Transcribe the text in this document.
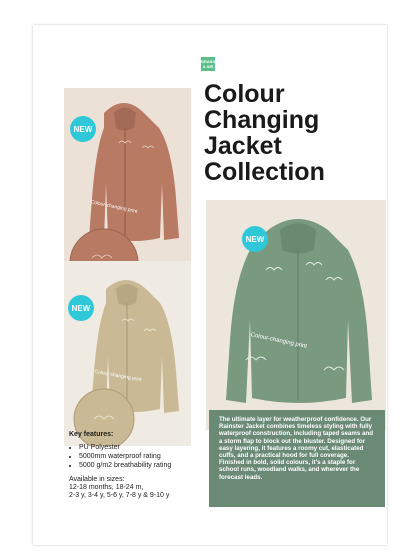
GRASS
& AIR
Colour
Changing
Jacket
Collection
NEW
Colour-changing print
NEW
Colour-changing print
NEW
Colour-changing print
Key features:
• PU Polyester
• 5000mm waterproof rating
• 5000 g/m2 breathability rating
Available in sizes:
12-18 months, 18-24 m,
2-3 y, 3-4 y, 5-6 y, 7-8 y & 9-10 y
The ultimate layer for weatherproof confidence. Our Rainster Jacket combines timeless styling with fully waterproof construction, including taped seams and a storm flap to block out the bluster. Designed for easy layering, it features a roomy cut, elasticated cuffs, and a practical hood for full coverage. Finished in bold, solid colours, it's a staple for school runs, woodland walks, and wherever the forecast leads.
